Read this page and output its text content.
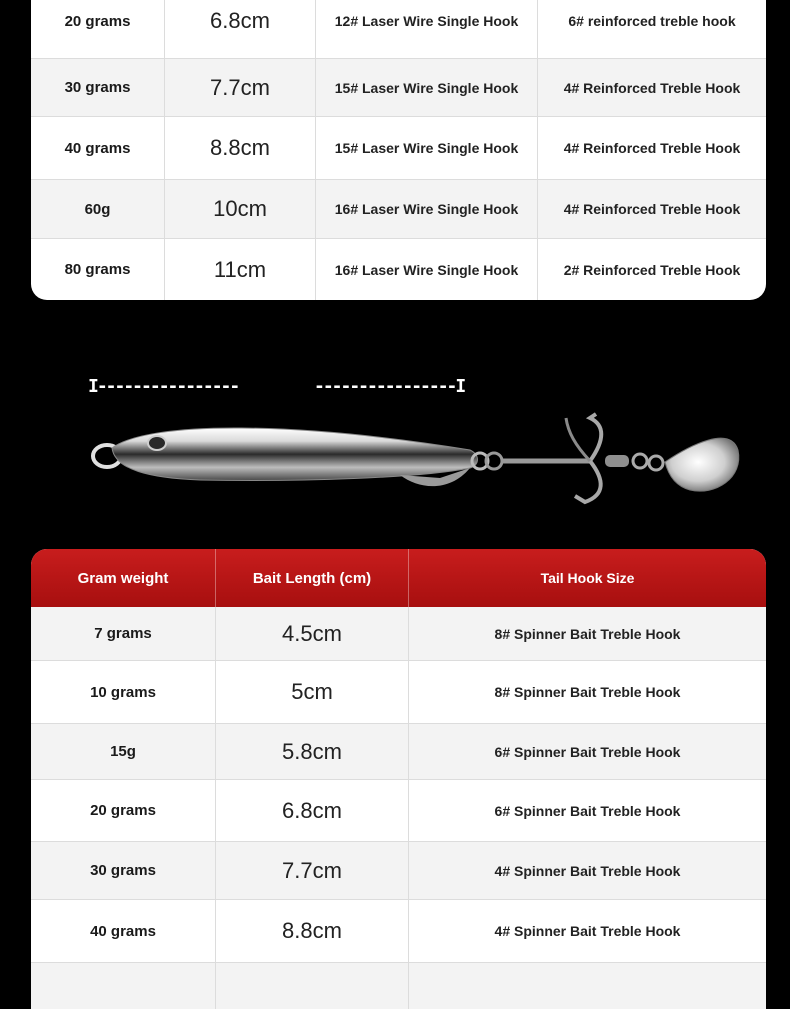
20 grams	6.8cm	12# Laser Wire Single Hook	6# reinforced treble hook
30 grams	7.7cm	15# Laser Wire Single Hook	4# Reinforced Treble Hook
40 grams	8.8cm	15# Laser Wire Single Hook	4# Reinforced Treble Hook
60g	10cm	16# Laser Wire Single Hook	4# Reinforced Treble Hook
80 grams	11cm	16# Laser Wire Single Hook	2# Reinforced Treble Hook
I----------------	----------------I
Gram weight	Bait Length (cm)	Tail Hook Size
7 grams	4.5cm	8# Spinner Bait Treble Hook
10 grams	5cm	8# Spinner Bait Treble Hook
15g	5.8cm	6# Spinner Bait Treble Hook
20 grams	6.8cm	6# Spinner Bait Treble Hook
30 grams	7.7cm	4# Spinner Bait Treble Hook
40 grams	8.8cm	4# Spinner Bait Treble Hook
